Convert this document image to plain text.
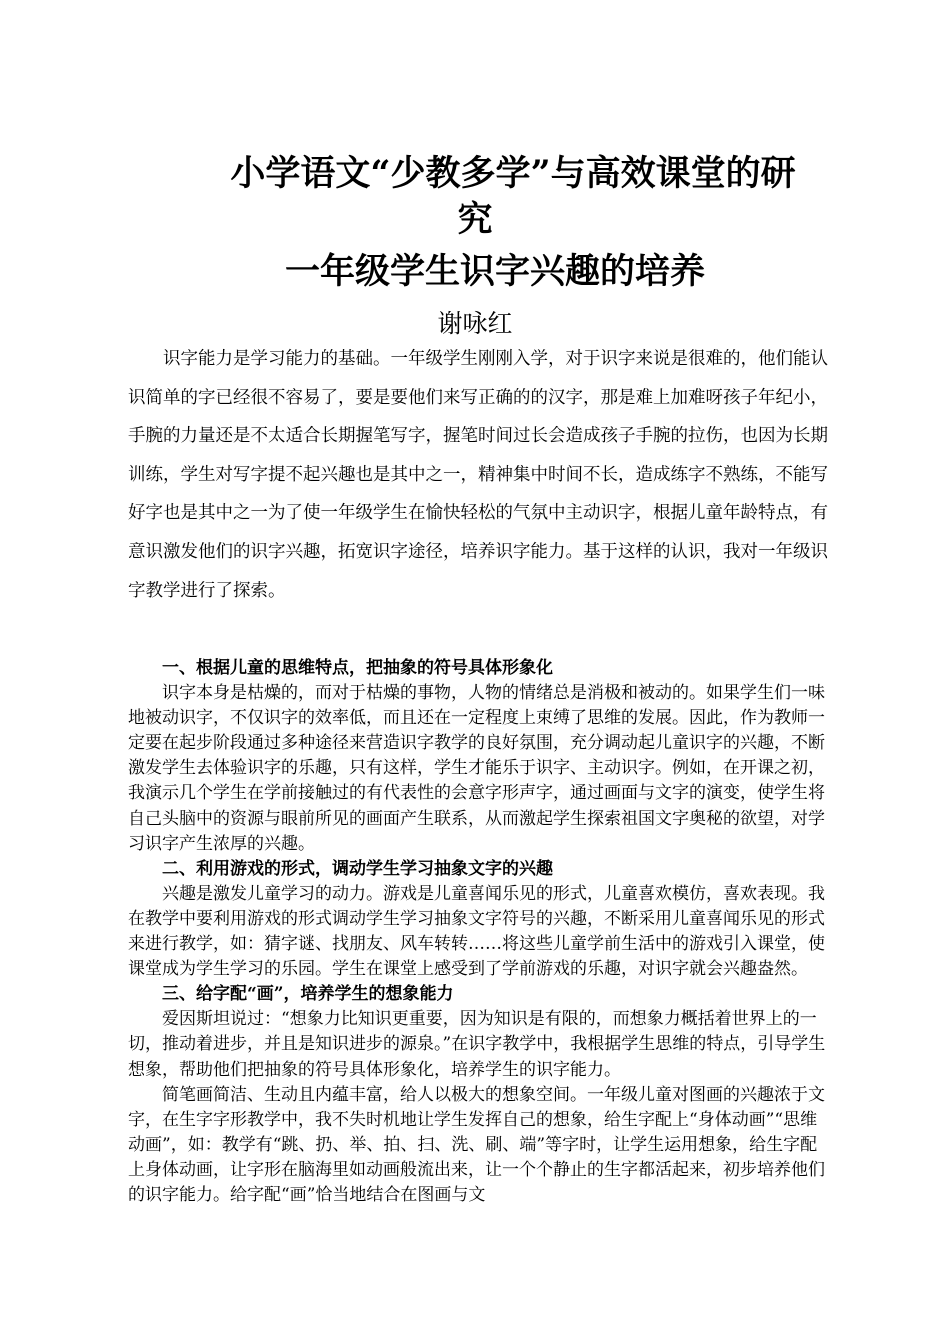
小学语文“少教多学”与高效课堂的研
究
一年级学生识字兴趣的培养
谢咏红

识字能力是学习能力的基础。一年级学生刚刚入学，对于识字来说是很难的，他们能认识简单的字已经很不容易了，要是要他们来写正确的的汉字，那是难上加难呀孩子年纪小，手腕的力量还是不太适合长期握笔写字，握笔时间过长会造成孩子手腕的拉伤，也因为长期训练，学生对写字提不起兴趣也是其中之一，精神集中时间不长，造成练字不熟练，不能写好字也是其中之一为了使一年级学生在愉快轻松的气氛中主动识字，根据儿童年龄特点，有意识激发他们的识字兴趣，拓宽识字途径，培养识字能力。基于这样的认识，我对一年级识字教学进行了探索。

一、根据儿童的思维特点，把抽象的符号具体形象化

识字本身是枯燥的，而对于枯燥的事物，人物的情绪总是消极和被动的。如果学生们一味地被动识字，不仅识字的效率低，而且还在一定程度上束缚了思维的发展。因此，作为教师一定要在起步阶段通过多种途径来营造识字教学的良好氛围，充分调动起儿童识字的兴趣，不断激发学生去体验识字的乐趣，只有这样，学生才能乐于识字、主动识字。例如，在开课之初，我演示几个学生在学前接触过的有代表性的会意字形声字，通过画面与文字的演变，使学生将自己头脑中的资源与眼前所见的画面产生联系，从而激起学生探索祖国文字奥秘的欲望，对学习识字产生浓厚的兴趣。

二、利用游戏的形式，调动学生学习抽象文字的兴趣

兴趣是激发儿童学习的动力。游戏是儿童喜闻乐见的形式，儿童喜欢模仿，喜欢表现。我在教学中要利用游戏的形式调动学生学习抽象文字符号的兴趣，不断采用儿童喜闻乐见的形式来进行教学，如：猜字谜、找朋友、风车转转……将这些儿童学前生活中的游戏引入课堂，使课堂成为学生学习的乐园。学生在课堂上感受到了学前游戏的乐趣，对识字就会兴趣盎然。

三、给字配“画”，培养学生的想象能力

爱因斯坦说过：“想象力比知识更重要，因为知识是有限的，而想象力概括着世界上的一切，推动着进步，并且是知识进步的源泉。”在识字教学中，我根据学生思维的特点，引导学生想象，帮助他们把抽象的符号具体形象化，培养学生的识字能力。

简笔画简洁、生动且内蕴丰富，给人以极大的想象空间。一年级儿童对图画的兴趣浓于文字，在生字字形教学中，我不失时机地让学生发挥自己的想象，给生字配上“身体动画”“思维动画”，如：教学有“跳、扔、举、拍、扫、洗、刷、端”等字时，让学生运用想象，给生字配上身体动画，让字形在脑海里如动画般流出来，让一个个静止的生字都活起来，初步培养他们的识字能力。给字配“画”恰当地结合在图画与文
